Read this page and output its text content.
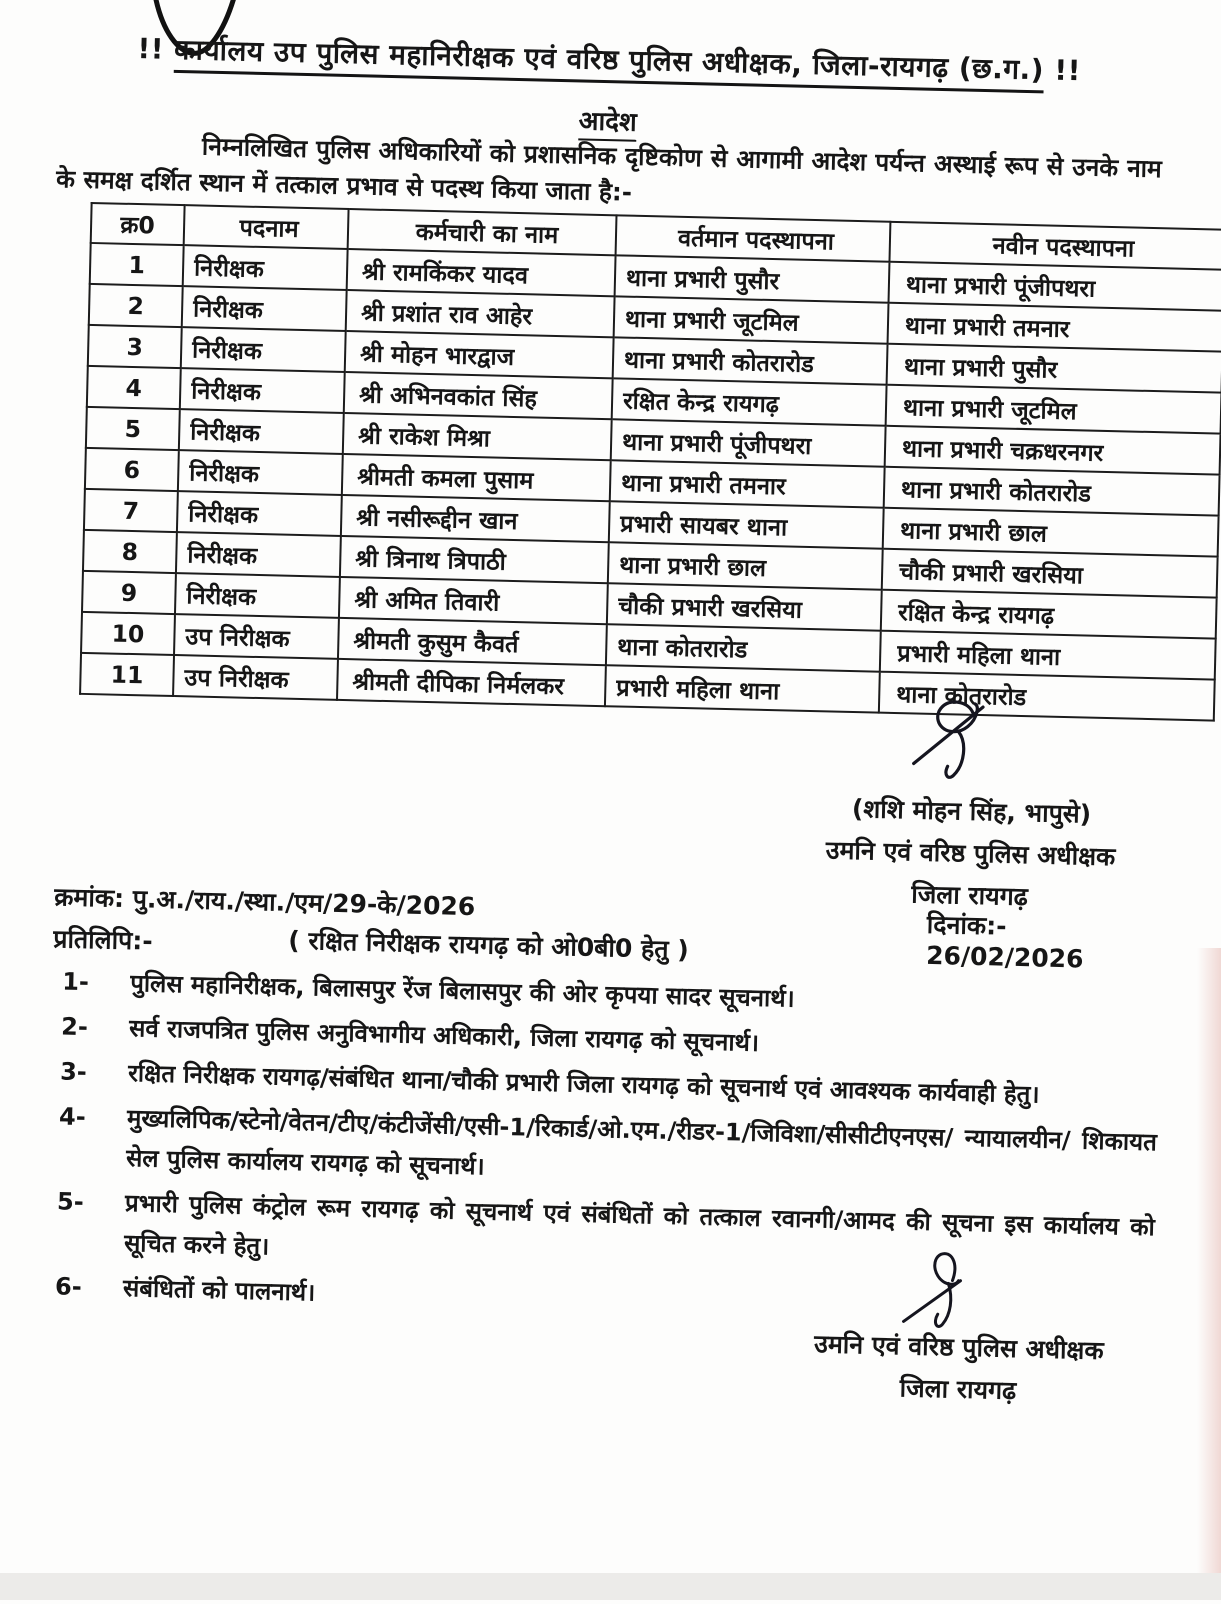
!! कार्यालय उप पुलिस महानिरीक्षक एवं वरिष्ठ पुलिस अधीक्षक, जिला-रायगढ़ (छ.ग.) !!
आदेश
निम्नलिखित पुलिस अधिकारियों को प्रशासनिक दृष्टिकोण से आगामी आदेश पर्यन्त अस्थाई रूप से उनके नाम के समक्ष दर्शित स्थान में तत्काल प्रभाव से पदस्थ किया जाता है:-
क्र0	पदनाम	कर्मचारी का नाम	वर्तमान पदस्थापना	नवीन पदस्थापना
1	निरीक्षक	श्री रामकिंकर यादव	थाना प्रभारी पुसौर	थाना प्रभारी पूंजीपथरा
2	निरीक्षक	श्री प्रशांत राव आहेर	थाना प्रभारी जूटमिल	थाना प्रभारी तमनार
3	निरीक्षक	श्री मोहन भारद्वाज	थाना प्रभारी कोतरारोड	थाना प्रभारी पुसौर
4	निरीक्षक	श्री अभिनवकांत सिंह	रक्षित केन्द्र रायगढ़	थाना प्रभारी जूटमिल
5	निरीक्षक	श्री राकेश मिश्रा	थाना प्रभारी पूंजीपथरा	थाना प्रभारी चक्रधरनगर
6	निरीक्षक	श्रीमती कमला पुसाम	थाना प्रभारी तमनार	थाना प्रभारी कोतरारोड
7	निरीक्षक	श्री नसीरूद्दीन खान	प्रभारी सायबर थाना	थाना प्रभारी छाल
8	निरीक्षक	श्री त्रिनाथ त्रिपाठी	थाना प्रभारी छाल	चौकी प्रभारी खरसिया
9	निरीक्षक	श्री अमित तिवारी	चौकी प्रभारी खरसिया	रक्षित केन्द्र रायगढ़
10	उप निरीक्षक	श्रीमती कुसुम कैवर्त	थाना कोतरारोड	प्रभारी महिला थाना
11	उप निरीक्षक	श्रीमती दीपिका निर्मलकर	प्रभारी महिला थाना	थाना कोतरारोड
(शशि मोहन सिंह, भापुसे)
उमनि एवं वरिष्ठ पुलिस अधीक्षक
जिला रायगढ़
क्रमांक: पु.अ./राय./स्था./एम/29-के/2026
दिनांक:- 26/02/2026
प्रतिलिपि:-	( रक्षित निरीक्षक रायगढ़ को ओ0बी0 हेतु )
1- पुलिस महानिरीक्षक, बिलासपुर रेंज बिलासपुर की ओर कृपया सादर सूचनार्थ।
2- सर्व राजपत्रित पुलिस अनुविभागीय अधिकारी, जिला रायगढ़ को सूचनार्थ।
3- रक्षित निरीक्षक रायगढ़/संबंधित थाना/चौकी प्रभारी जिला रायगढ़ को सूचनार्थ एवं आवश्यक कार्यवाही हेतु।
4- मुख्यलिपिक/स्टेनो/वेतन/टीए/कंटीजेंसी/एसी-1/रिकार्ड/ओ.एम./रीडर-1/जिविशा/सीसीटीएनएस/ न्यायालयीन/ शिकायत सेल पुलिस कार्यालय रायगढ़ को सूचनार्थ।
5- प्रभारी पुलिस कंट्रोल रूम रायगढ़ को सूचनार्थ एवं संबंधितों को तत्काल रवानगी/आमद की सूचना इस कार्यालय को सूचित करने हेतु।
6- संबंधितों को पालनार्थ।
उमनि एवं वरिष्ठ पुलिस अधीक्षक
जिला रायगढ़
